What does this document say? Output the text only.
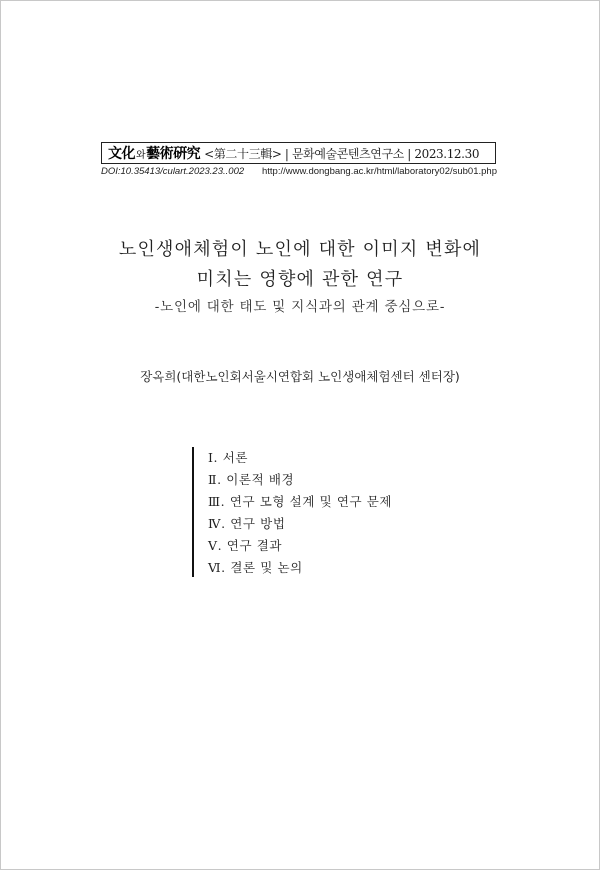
文化 와 藝術硏究 <第二十三輯> | 문화예술콘텐츠연구소 | 2023.12.30
DOI:10.35413/culart.2023.23..002 http://www.dongbang.ac.kr/html/laboratory02/sub01.php
노인생애체험이 노인에 대한 이미지 변화에
미치는 영향에 관한 연구
-노인에 대한 태도 및 지식과의 관계 중심으로-
장옥희(대한노인회서울시연합회 노인생애체험센터 센터장)
Ⅰ. 서론
Ⅱ. 이론적 배경
Ⅲ. 연구 모형 설계 및 연구 문제
Ⅳ. 연구 방법
Ⅴ. 연구 결과
Ⅵ. 결론 및 논의
